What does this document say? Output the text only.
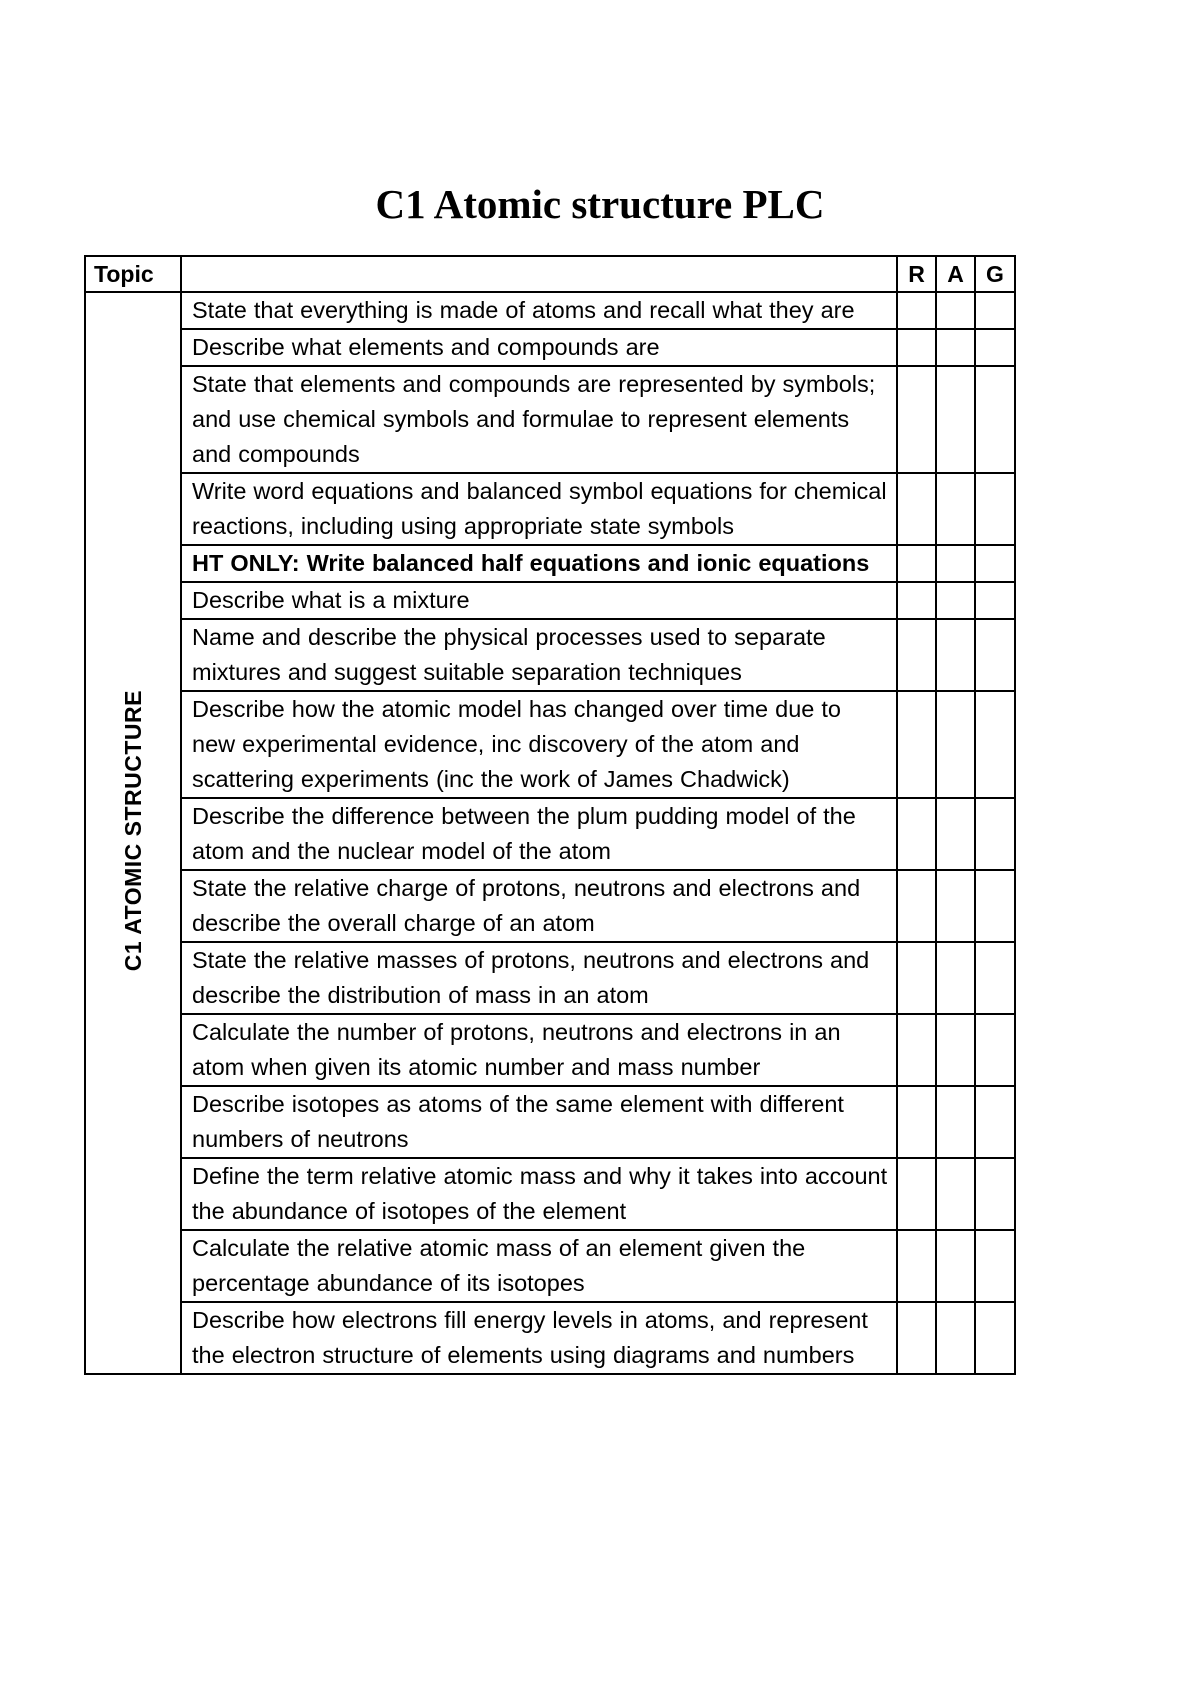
C1 Atomic structure PLC
Topic		R	A	G
C1 ATOMIC STRUCTURE	State that everything is made of atoms and recall what they are			
	Describe what elements and compounds are			
	State that elements and compounds are represented by symbols; and use chemical symbols and formulae to represent elements and compounds			
	Write word equations and balanced symbol equations for chemical reactions, including using appropriate state symbols			
	HT ONLY: Write balanced half equations and ionic equations			
	Describe what is a mixture			
	Name and describe the physical processes used to separate mixtures and suggest suitable separation techniques			
	Describe how the atomic model has changed over time due to new experimental evidence, inc discovery of the atom and scattering experiments (inc the work of James Chadwick)			
	Describe the difference between the plum pudding model of the atom and the nuclear model of the atom			
	State the relative charge of protons, neutrons and electrons and describe the overall charge of an atom			
	State the relative masses of protons, neutrons and electrons and describe the distribution of mass in an atom			
	Calculate the number of protons, neutrons and electrons in an atom when given its atomic number and mass number			
	Describe isotopes as atoms of the same element with different numbers of neutrons			
	Define the term relative atomic mass and why it takes into account the abundance of isotopes of the element			
	Calculate the relative atomic mass of an element given the percentage abundance of its isotopes			
	Describe how electrons fill energy levels in atoms, and represent the electron structure of elements using diagrams and numbers			
